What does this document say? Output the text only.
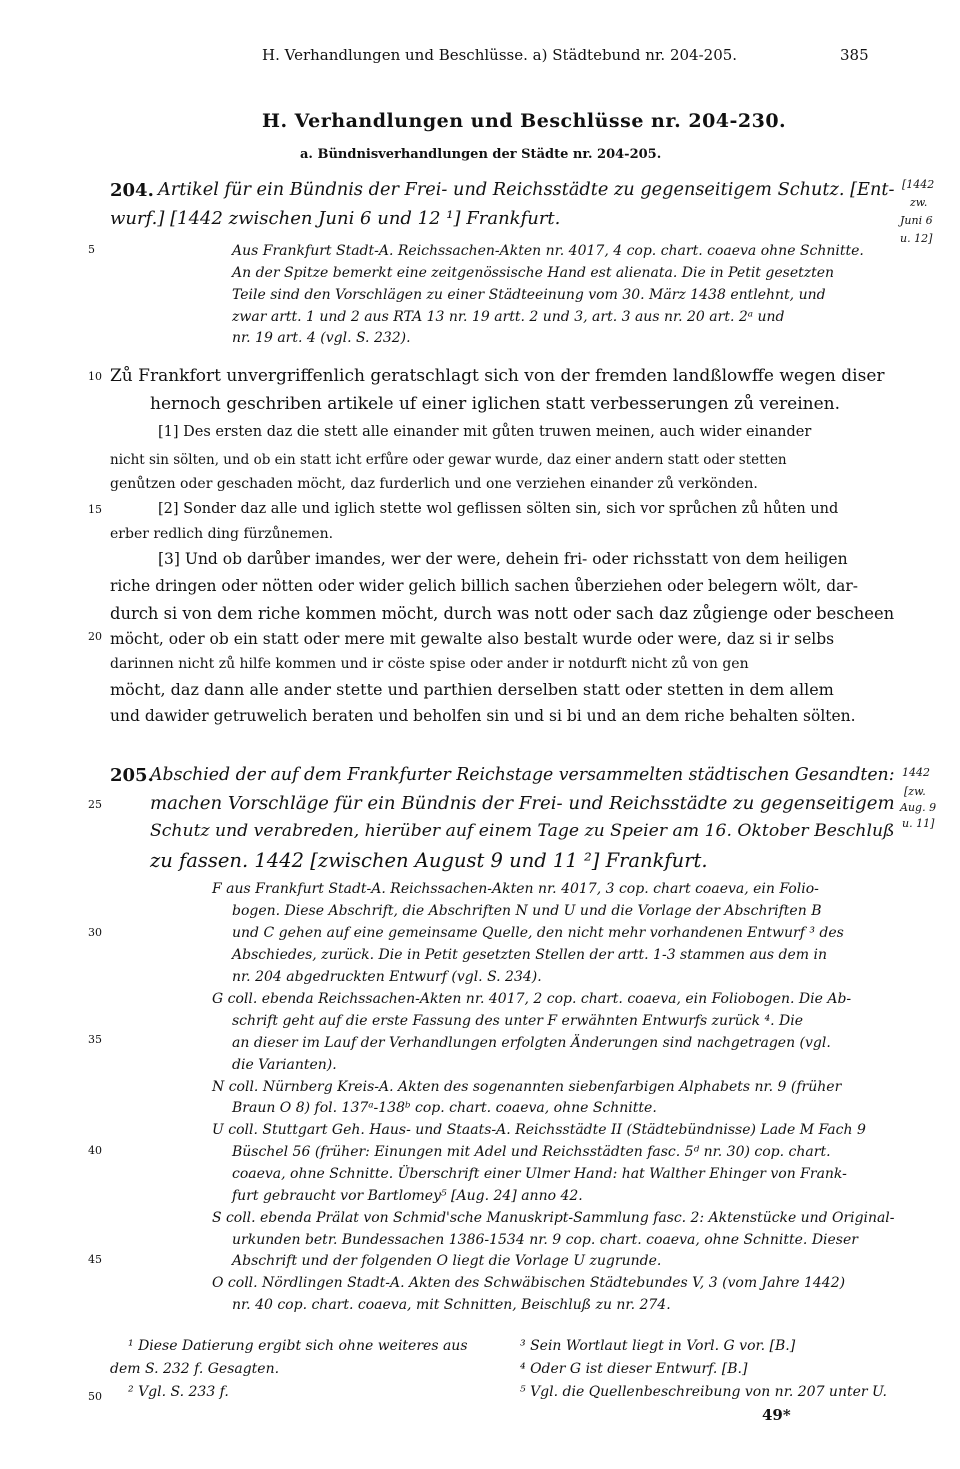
H. Verhandlungen und Beschlüsse. a) Städtebund nr. 204-205.	385
H. Verhandlungen und Beschlüsse nr. 204-230.
a. Bündnisverhandlungen der Städte nr. 204-205.
5
10
15
20
25
30
35
40
45
50
204. Artikel für ein Bündnis der Frei- und Reichsstädte zu gegenseitigem Schutz. [Ent-
wurf.] [1442 zwischen Juni 6 und 12 ¹] Frankfurt.
[1442
zw.
Juni 6
u. 12]
Aus Frankfurt Stadt-A. Reichssachen-Akten nr. 4017, 4 cop. chart. coaeva ohne Schnitte.
An der Spitze bemerkt eine zeitgenössische Hand est alienata. Die in Petit gesetzten
Teile sind den Vorschlägen zu einer Städteeinung vom 30. März 1438 entlehnt, und
zwar artt. 1 und 2 aus RTA 13 nr. 19 artt. 2 und 3, art. 3 aus nr. 20 art. 2ᵃ und
nr. 19 art. 4 (vgl. S. 232).
Zů Frankfort unvergriffenlich geratschlagt sich von der fremden landßlowffe wegen diser
hernoch geschriben artikele uf einer iglichen statt verbesserungen zů vereinen.
[1] Des ersten daz die stett alle einander mit gůten truwen meinen, auch wider einander
nicht sin sölten, und ob ein statt icht erfůre oder gewar wurde, daz einer andern statt oder stetten
genůtzen oder geschaden möcht, daz furderlich und one verziehen einander zů verkönden.
[2] Sonder daz alle und iglich stette wol geflissen sölten sin, sich vor sprůchen zů hůten und
erber redlich ding fürzůnemen.
[3] Und ob darůber imandes, wer der were, dehein fri- oder richsstatt von dem heiligen
riche dringen oder nötten oder wider gelich billich sachen ůberziehen oder belegern wölt, dar-
durch si von dem riche kommen möcht, durch was nott oder sach daz zůgienge oder bescheen
möcht, oder ob ein statt oder mere mit gewalte also bestalt wurde oder were, daz si ir selbs
darinnen nicht zů hilfe kommen und ir cöste spise oder ander ir notdurft nicht zů von gen
möcht, daz dann alle ander stette und parthien derselben statt oder stetten in dem allem
und dawider getruwelich beraten und beholfen sin und si bi und an dem riche behalten sölten.
205.
Abschied der auf dem Frankfurter Reichstage versammelten städtischen Gesandten:
machen Vorschläge für ein Bündnis der Frei- und Reichsstädte zu gegenseitigem
Schutz und verabreden, hierüber auf einem Tage zu Speier am 16. Oktober Beschluß
zu fassen. 1442 [zwischen August 9 und 11 ²] Frankfurt.
1442
[zw.
Aug. 9
u. 11]
F aus Frankfurt Stadt-A. Reichssachen-Akten nr. 4017, 3 cop. chart coaeva, ein Folio-
bogen. Diese Abschrift, die Abschriften N und U und die Vorlage der Abschriften B
und C gehen auf eine gemeinsame Quelle, den nicht mehr vorhandenen Entwurf ³ des
Abschiedes, zurück. Die in Petit gesetzten Stellen der artt. 1-3 stammen aus dem in
nr. 204 abgedruckten Entwurf (vgl. S. 234).
G coll. ebenda Reichssachen-Akten nr. 4017, 2 cop. chart. coaeva, ein Foliobogen. Die Ab-
schrift geht auf die erste Fassung des unter F erwähnten Entwurfs zurück ⁴. Die
an dieser im Lauf der Verhandlungen erfolgten Änderungen sind nachgetragen (vgl.
die Varianten).
N coll. Nürnberg Kreis-A. Akten des sogenannten siebenfarbigen Alphabets nr. 9 (früher
Braun O 8) fol. 137ᵃ-138ᵇ cop. chart. coaeva, ohne Schnitte.
U coll. Stuttgart Geh. Haus- und Staats-A. Reichsstädte II (Städtebündnisse) Lade M Fach 9
Büschel 56 (früher: Einungen mit Adel und Reichsstädten fasc. 5ᵈ nr. 30) cop. chart.
coaeva, ohne Schnitte. Überschrift einer Ulmer Hand: hat Walther Ehinger von Frank-
furt gebraucht vor Bartlomey⁵ [Aug. 24] anno 42.
S coll. ebenda Prälat von Schmid'sche Manuskript-Sammlung fasc. 2: Aktenstücke und Original-
urkunden betr. Bundessachen 1386-1534 nr. 9 cop. chart. coaeva, ohne Schnitte. Dieser
Abschrift und der folgenden O liegt die Vorlage U zugrunde.
O coll. Nördlingen Stadt-A. Akten des Schwäbischen Städtebundes V, 3 (vom Jahre 1442)
nr. 40 cop. chart. coaeva, mit Schnitten, Beischluß zu nr. 274.
¹ Diese Datierung ergibt sich ohne weiteres aus
dem S. 232 f. Gesagten.
² Vgl. S. 233 f.
³ Sein Wortlaut liegt in Vorl. G vor. [B.]
⁴ Oder G ist dieser Entwurf. [B.]
⁵ Vgl. die Quellenbeschreibung von nr. 207 unter U.
49*
